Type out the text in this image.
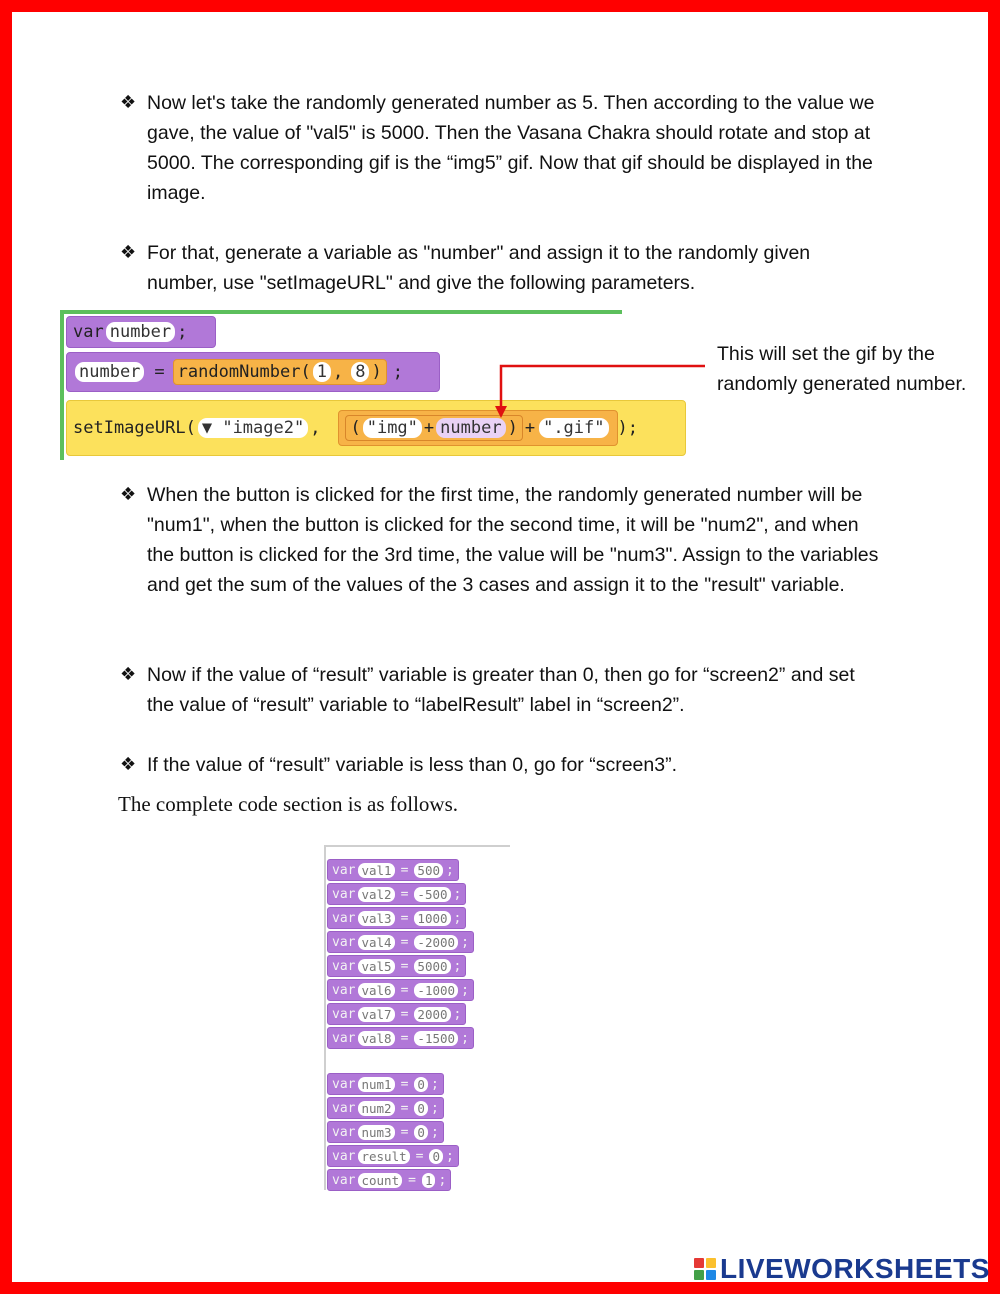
❖ Now let's take the randomly generated number as 5. Then according to the value we gave, the value of "val5" is 5000. Then the Vasana Chakra should rotate and stop at 5000. The corresponding gif is the “img5” gif. Now that gif should be displayed in the image.
❖ For that, generate a variable as "number" and assign it to the randomly given number, use "setImageURL" and give the following parameters.
var number ;
number = randomNumber( 1 , 8 ) ;
setImageURL( ▼ "image2" , ( "img" + number ) + ".gif" );
This will set the gif by the randomly generated number.
❖ When the button is clicked for the first time, the randomly generated number will be "num1", when the button is clicked for the second time, it will be "num2", and when the button is clicked for the 3rd time, the value will be "num3". Assign to the variables and get the sum of the values of the 3 cases and assign it to the "result" variable.
❖ Now if the value of “result” variable is greater than 0, then go for “screen2” and set the value of “result” variable to “labelResult” label in “screen2”.
❖ If the value of “result” variable is less than 0, go for “screen3”.
The complete code section is as follows.
var val1 = 500 ;
var val2 = -500 ;
var val3 = 1000 ;
var val4 = -2000 ;
var val5 = 5000 ;
var val6 = -1000 ;
var val7 = 2000 ;
var val8 = -1500 ;
var num1 = 0 ;
var num2 = 0 ;
var num3 = 0 ;
var result = 0 ;
var count = 1 ;
LIVEWORKSHEETS
